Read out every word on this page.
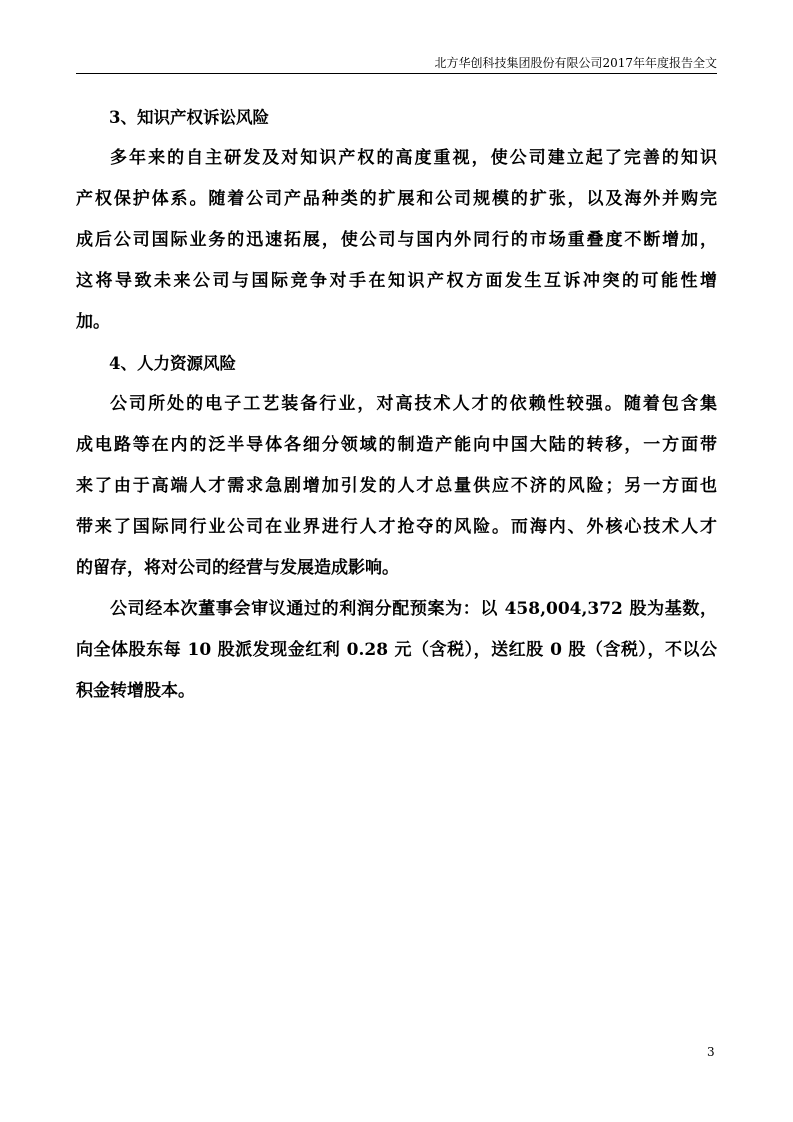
北方华创科技集团股份有限公司2017年年度报告全文

3、知识产权诉讼风险

多年来的自主研发及对知识产权的高度重视，使公司建立起了完善的知识

产权保护体系。随着公司产品种类的扩展和公司规模的扩张，以及海外并购完

成后公司国际业务的迅速拓展，使公司与国内外同行的市场重叠度不断增加，

这将导致未来公司与国际竞争对手在知识产权方面发生互诉冲突的可能性增

加。

4、人力资源风险

公司所处的电子工艺装备行业，对高技术人才的依赖性较强。随着包含集

成电路等在内的泛半导体各细分领域的制造产能向中国大陆的转移，一方面带

来了由于高端人才需求急剧增加引发的人才总量供应不济的风险；另一方面也

带来了国际同行业公司在业界进行人才抢夺的风险。而海内、外核心技术人才

的留存，将对公司的经营与发展造成影响。

公司经本次董事会审议通过的利润分配预案为：以 458,004,372 股为基数，

向全体股东每 10 股派发现金红利 0.28 元（含税），送红股 0 股（含税），不以公

积金转增股本。

3
